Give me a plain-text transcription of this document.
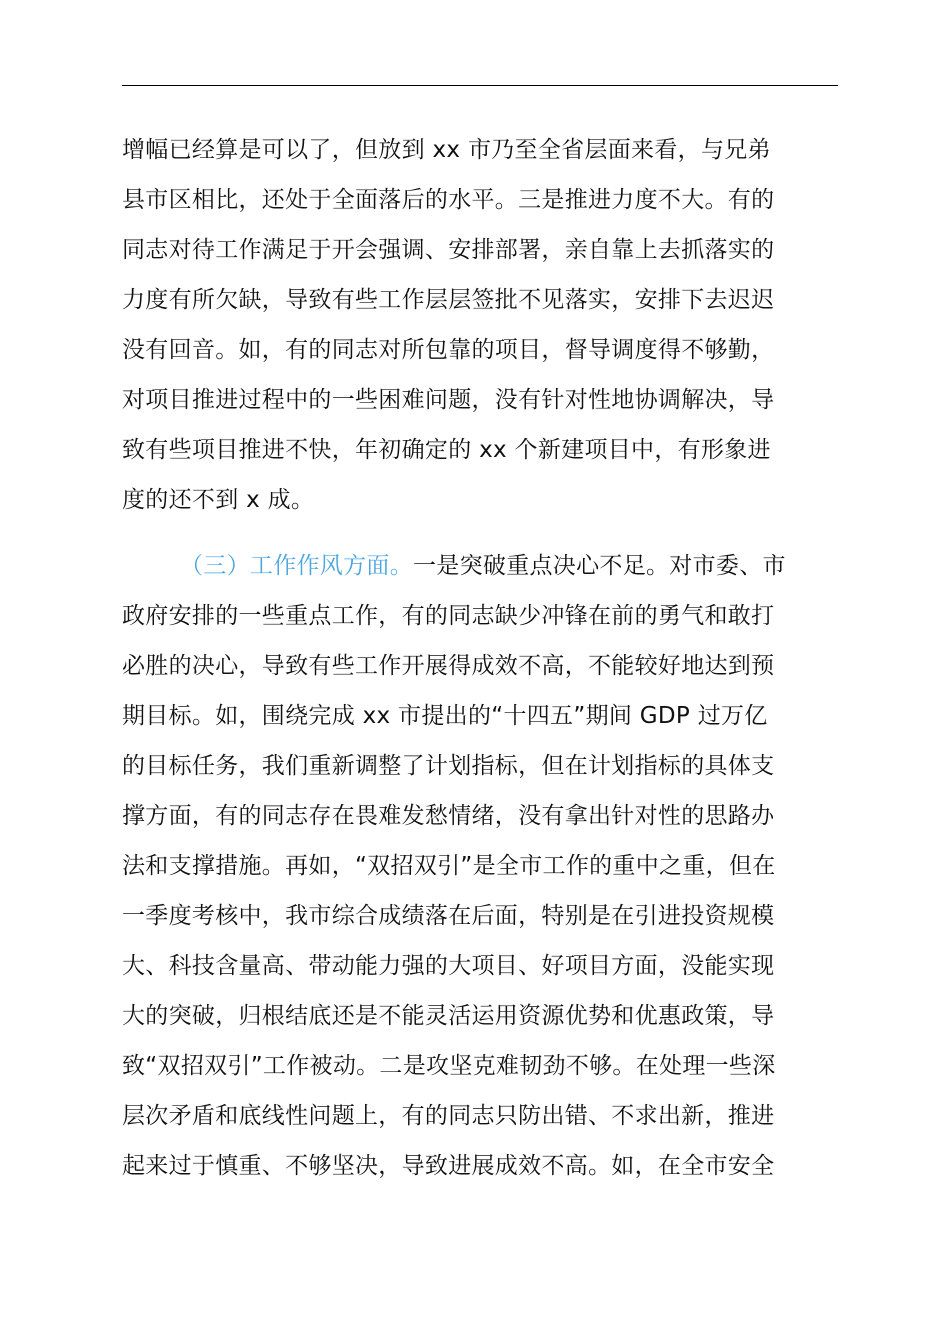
增幅已经算是可以了，但放到 xx 市乃至全省层面来看，与兄弟
县市区相比，还处于全面落后的水平。三是推进力度不大。有的
同志对待工作满足于开会强调、安排部署，亲自靠上去抓落实的
力度有所欠缺，导致有些工作层层签批不见落实，安排下去迟迟
没有回音。如，有的同志对所包靠的项目，督导调度得不够勤，
对项目推进过程中的一些困难问题，没有针对性地协调解决，导
致有些项目推进不快，年初确定的 xx 个新建项目中，有形象进
度的还不到 x 成。
（三）工作作风方面。一是突破重点决心不足。对市委、市
政府安排的一些重点工作，有的同志缺少冲锋在前的勇气和敢打
必胜的决心，导致有些工作开展得成效不高，不能较好地达到预
期目标。如，围绕完成 xx 市提出的“十四五”期间 GDP 过万亿
的目标任务，我们重新调整了计划指标，但在计划指标的具体支
撑方面，有的同志存在畏难发愁情绪，没有拿出针对性的思路办
法和支撑措施。再如，“双招双引”是全市工作的重中之重，但在
一季度考核中，我市综合成绩落在后面，特别是在引进投资规模
大、科技含量高、带动能力强的大项目、好项目方面，没能实现
大的突破，归根结底还是不能灵活运用资源优势和优惠政策，导
致“双招双引”工作被动。二是攻坚克难韧劲不够。在处理一些深
层次矛盾和底线性问题上，有的同志只防出错、不求出新，推进
起来过于慎重、不够坚决，导致进展成效不高。如，在全市安全
